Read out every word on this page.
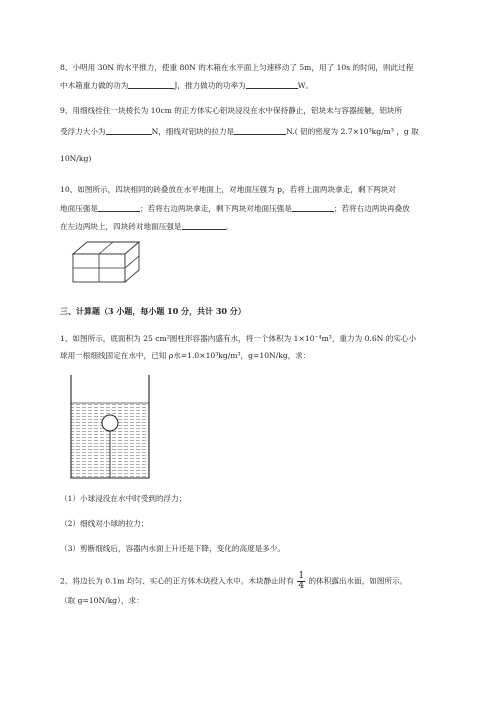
8、小明用 30N 的水平推力，使重 80N 的木箱在水平面上匀速移动了 5m，用了 10s 的时间，则此过程
中木箱重力做的功为	J，推力做功的功率为	W。
9、用细线拴住一块棱长为 10cm 的正方体实心铝块浸没在水中保持静止，铝块未与容器接触，铝块所
受浮力大小为	N，细线对铝块的拉力是	N.( 铝的密度为 2.7×10³kg/m³ ，g 取
10N/kg)
10、如图所示，四块相同的砖叠放在水平地面上，对地面压强为 p，若将上面两块拿走，剩下两块对
地面压强是	；若将右边两块拿走，剩下两块对地面压强是	；若将右边两块再叠放
在左边两块上，四块砖对地面压强是	。
三、计算题（3 小题，每小题 10 分，共计 30 分）
1、如图所示，底面积为 25 cm²圆柱形容器内盛有水，将一个体积为 1×10⁻⁴m³，重力为 0.6N 的实心小
球用一根细线固定在水中，已知 ρ水=1.0×10³kg/m³，g=10N/kg，求：
（1）小球浸没在水中时受到的浮力；
（2）细线对小球的拉力；
（3）剪断细线后，容器内水面上升还是下降，变化的高度是多少。
2、将边长为 0.1m 均匀、实心的正方体木块投入水中。木块静止时有 $\frac{1}{4}$ 的体积露出水面，如图所示。
（取 g=10N/kg），求：
